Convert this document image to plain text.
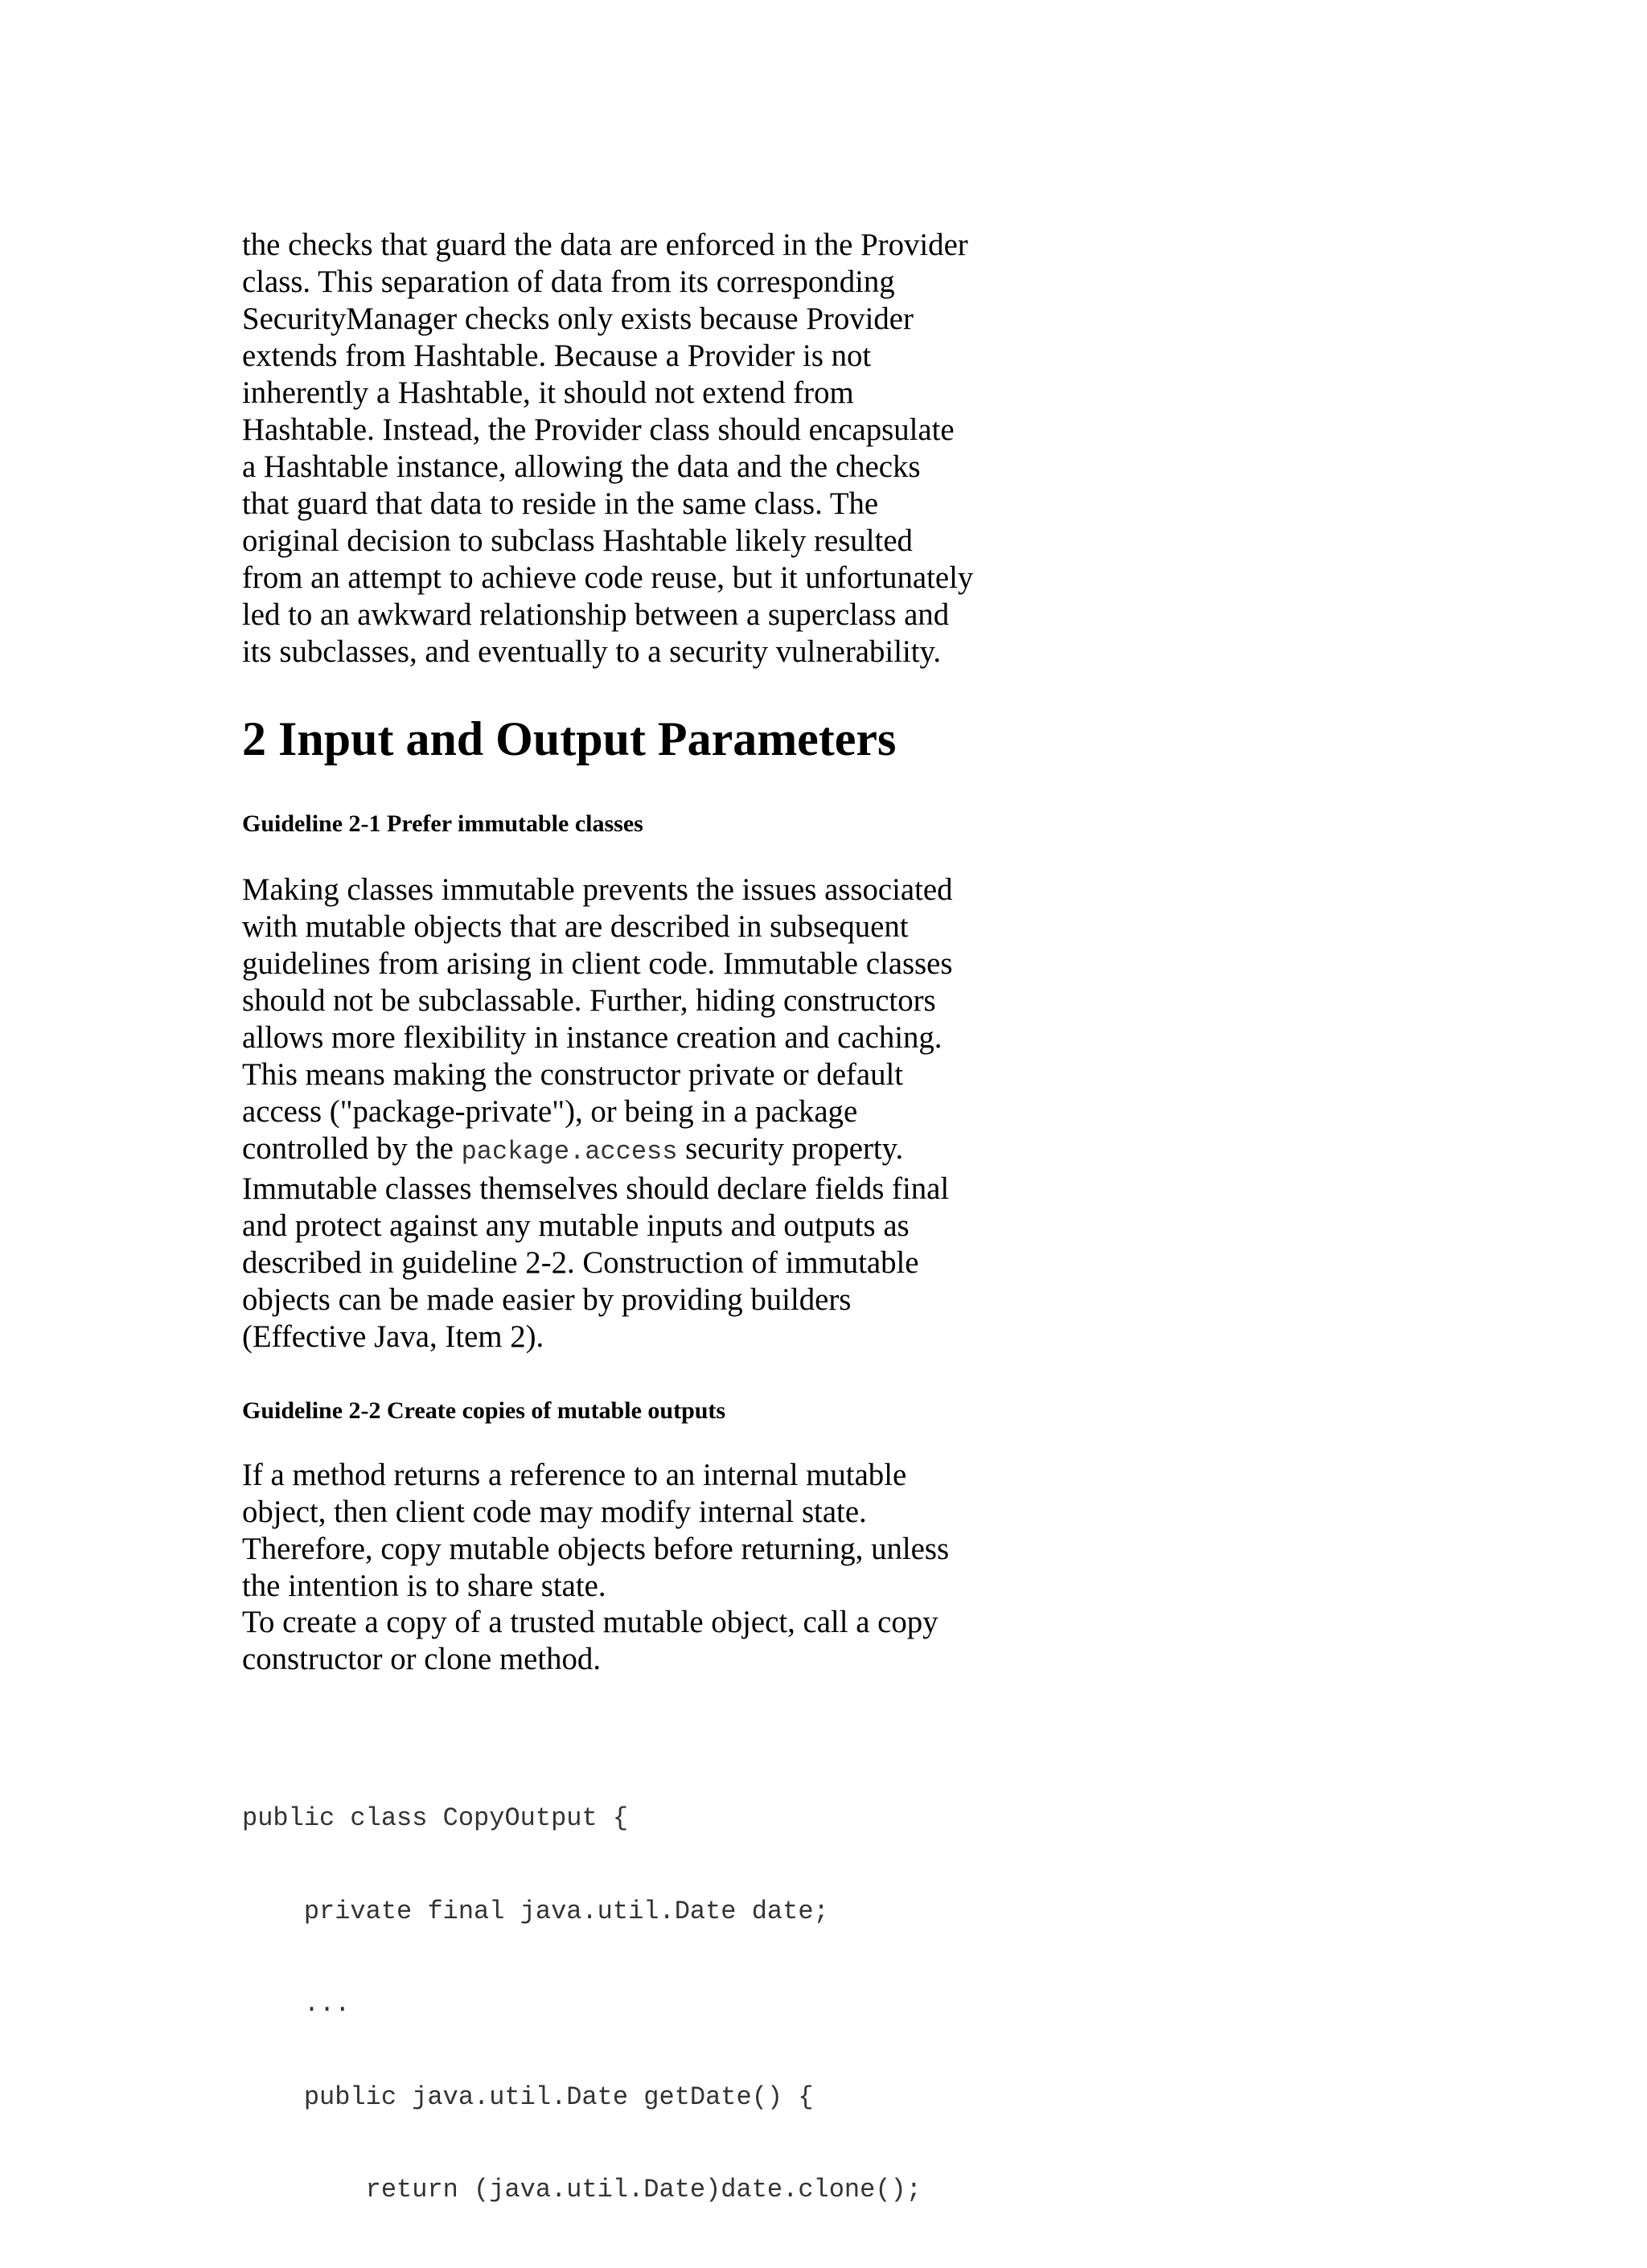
the checks that guard the data are enforced in the Provider
class. This separation of data from its corresponding
SecurityManager checks only exists because Provider
extends from Hashtable. Because a Provider is not
inherently a Hashtable, it should not extend from
Hashtable. Instead, the Provider class should encapsulate
a Hashtable instance, allowing the data and the checks
that guard that data to reside in the same class. The
original decision to subclass Hashtable likely resulted
from an attempt to achieve code reuse, but it unfortunately
led to an awkward relationship between a superclass and
its subclasses, and eventually to a security vulnerability.
2 Input and Output Parameters
Guideline 2-1 Prefer immutable classes
Making classes immutable prevents the issues associated
with mutable objects that are described in subsequent
guidelines from arising in client code. Immutable classes
should not be subclassable. Further, hiding constructors
allows more flexibility in instance creation and caching.
This means making the constructor private or default
access ("package-private"), or being in a package
controlled by the package.access security property.
Immutable classes themselves should declare fields final
and protect against any mutable inputs and outputs as
described in guideline 2-2. Construction of immutable
objects can be made easier by providing builders
(Effective Java, Item 2).
Guideline 2-2 Create copies of mutable outputs
If a method returns a reference to an internal mutable
object, then client code may modify internal state.
Therefore, copy mutable objects before returning, unless
the intention is to share state.
To create a copy of a trusted mutable object, call a copy
constructor or clone method.

public class CopyOutput {

private final java.util.Date date;

...

public java.util.Date getDate() {

return (java.util.Date)date.clone();
